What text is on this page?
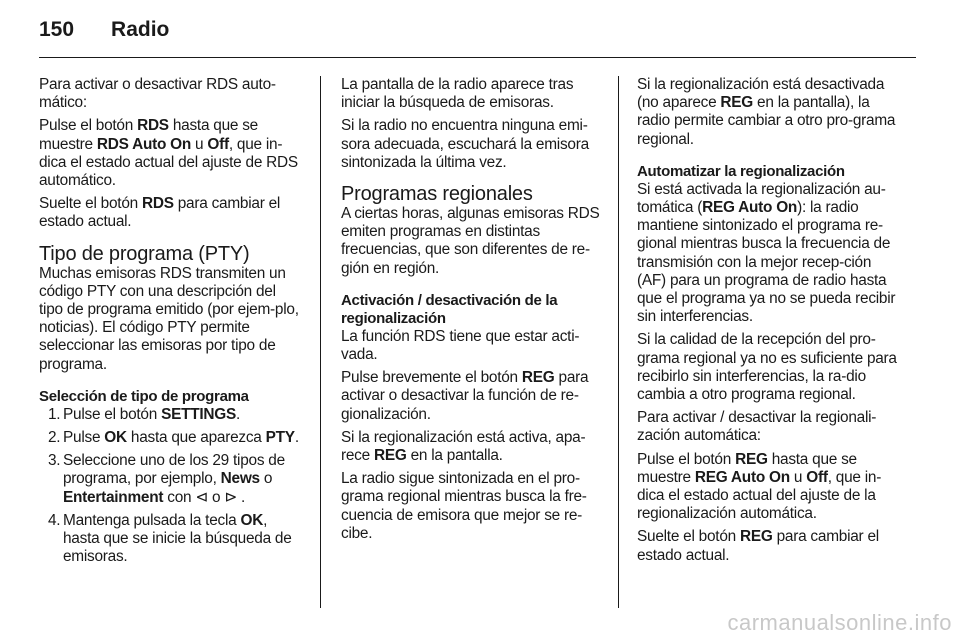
150 Radio

Para activar o desactivar RDS auto-mático:

Pulse el botón RDS hasta que se muestre RDS Auto On u Off, que in-dica el estado actual del ajuste de RDS automático.

Suelte el botón RDS para cambiar el estado actual.

Tipo de programa (PTY)

Muchas emisoras RDS transmiten un código PTY con una descripción del tipo de programa emitido (por ejem-plo, noticias). El código PTY permite seleccionar las emisoras por tipo de programa.

Selección de tipo de programa
1. Pulse el botón SETTINGS.
2. Pulse OK hasta que aparezca PTY.
3. Seleccione uno de los 29 tipos de programa, por ejemplo, News o Entertainment con ⊲ o ⊳ .
4. Mantenga pulsada la tecla OK, hasta que se inicie la búsqueda de emisoras.

La pantalla de la radio aparece tras iniciar la búsqueda de emisoras.

Si la radio no encuentra ninguna emi-sora adecuada, escuchará la emisora sintonizada la última vez.

Programas regionales

A ciertas horas, algunas emisoras RDS emiten programas en distintas frecuencias, que son diferentes de re-gión en región.

Activación / desactivación de la regionalización

La función RDS tiene que estar acti-vada.

Pulse brevemente el botón REG para activar o desactivar la función de re-gionalización.

Si la regionalización está activa, apa-rece REG en la pantalla.

La radio sigue sintonizada en el pro-grama regional mientras busca la fre-cuencia de emisora que mejor se re-cibe.

Si la regionalización está desactivada (no aparece REG en la pantalla), la radio permite cambiar a otro pro-grama regional.

Automatizar la regionalización

Si está activada la regionalización au-tomática (REG Auto On): la radio mantiene sintonizado el programa re-gional mientras busca la frecuencia de transmisión con la mejor recep-ción (AF) para un programa de radio hasta que el programa ya no se pueda recibir sin interferencias.

Si la calidad de la recepción del pro-grama regional ya no es suficiente para recibirlo sin interferencias, la ra-dio cambia a otro programa regional.

Para activar / desactivar la regionali-zación automática:

Pulse el botón REG hasta que se muestre REG Auto On u Off, que in-dica el estado actual del ajuste de la regionalización automática.

Suelte el botón REG para cambiar el estado actual.

carmanualsonline.info
